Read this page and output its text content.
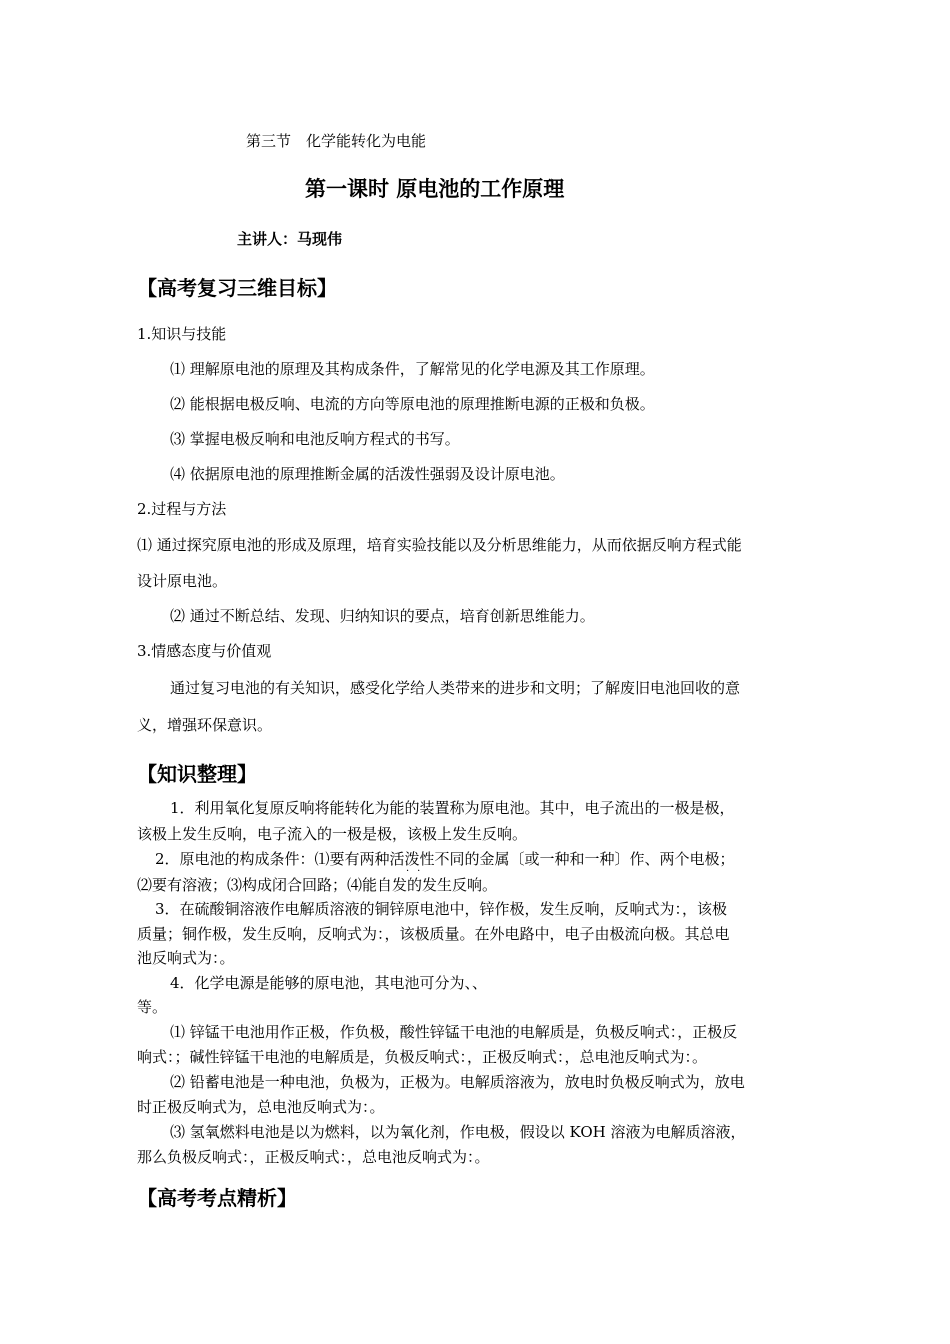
第三节　化学能转化为电能
第一课时 原电池的工作原理
主讲人：马现伟
【高考复习三维目标】
1.知识与技能
⑴ 理解原电池的原理及其构成条件，了解常见的化学电源及其工作原理。
⑵ 能根据电极反响、电流的方向等原电池的原理推断电源的正极和负极。
⑶ 掌握电极反响和电池反响方程式的书写。
⑷ 依据原电池的原理推断金属的活泼性强弱及设计原电池。
2.过程与方法
⑴ 通过探究原电池的形成及原理，培育实验技能以及分析思维能力，从而依据反响方程式能
设计原电池。
⑵ 通过不断总结、发现、归纳知识的要点，培育创新思维能力。
3.情感态度与价值观
通过复习电池的有关知识，感受化学给人类带来的进步和文明；了解废旧电池回收的意
义，增强环保意识。
【知识整理】
1．利用氧化复原反响将能转化为能的装置称为原电池。其中，电子流出的一极是极，
该极上发生反响，电子流入的一极是极，该极上发生反响。
2．原电池的构成条件：⑴要有两种活泼性不同的金属〔或一种和一种〕作、两个电极；
··
⑵要有溶液；⑶构成闭合回路；⑷能自发的发生反响。
3．在硫酸铜溶液作电解质溶液的铜锌原电池中，锌作极，发生反响，反响式为：，该极
质量；铜作极，发生反响，反响式为：，该极质量。在外电路中，电子由极流向极。其总电
池反响式为：。
4．化学电源是能够的原电池，其电池可分为、、
等。
⑴ 锌锰干电池用作正极，作负极，酸性锌锰干电池的电解质是，负极反响式：，正极反
响式：；碱性锌锰干电池的电解质是，负极反响式：，正极反响式：，总电池反响式为：。
⑵ 铅蓄电池是一种电池，负极为，正极为。电解质溶液为，放电时负极反响式为，放电
时正极反响式为，总电池反响式为：。
⑶ 氢氧燃料电池是以为燃料，以为氧化剂，作电极，假设以 KOH 溶液为电解质溶液，
那么负极反响式：，正极反响式：，总电池反响式为：。
【高考考点精析】
